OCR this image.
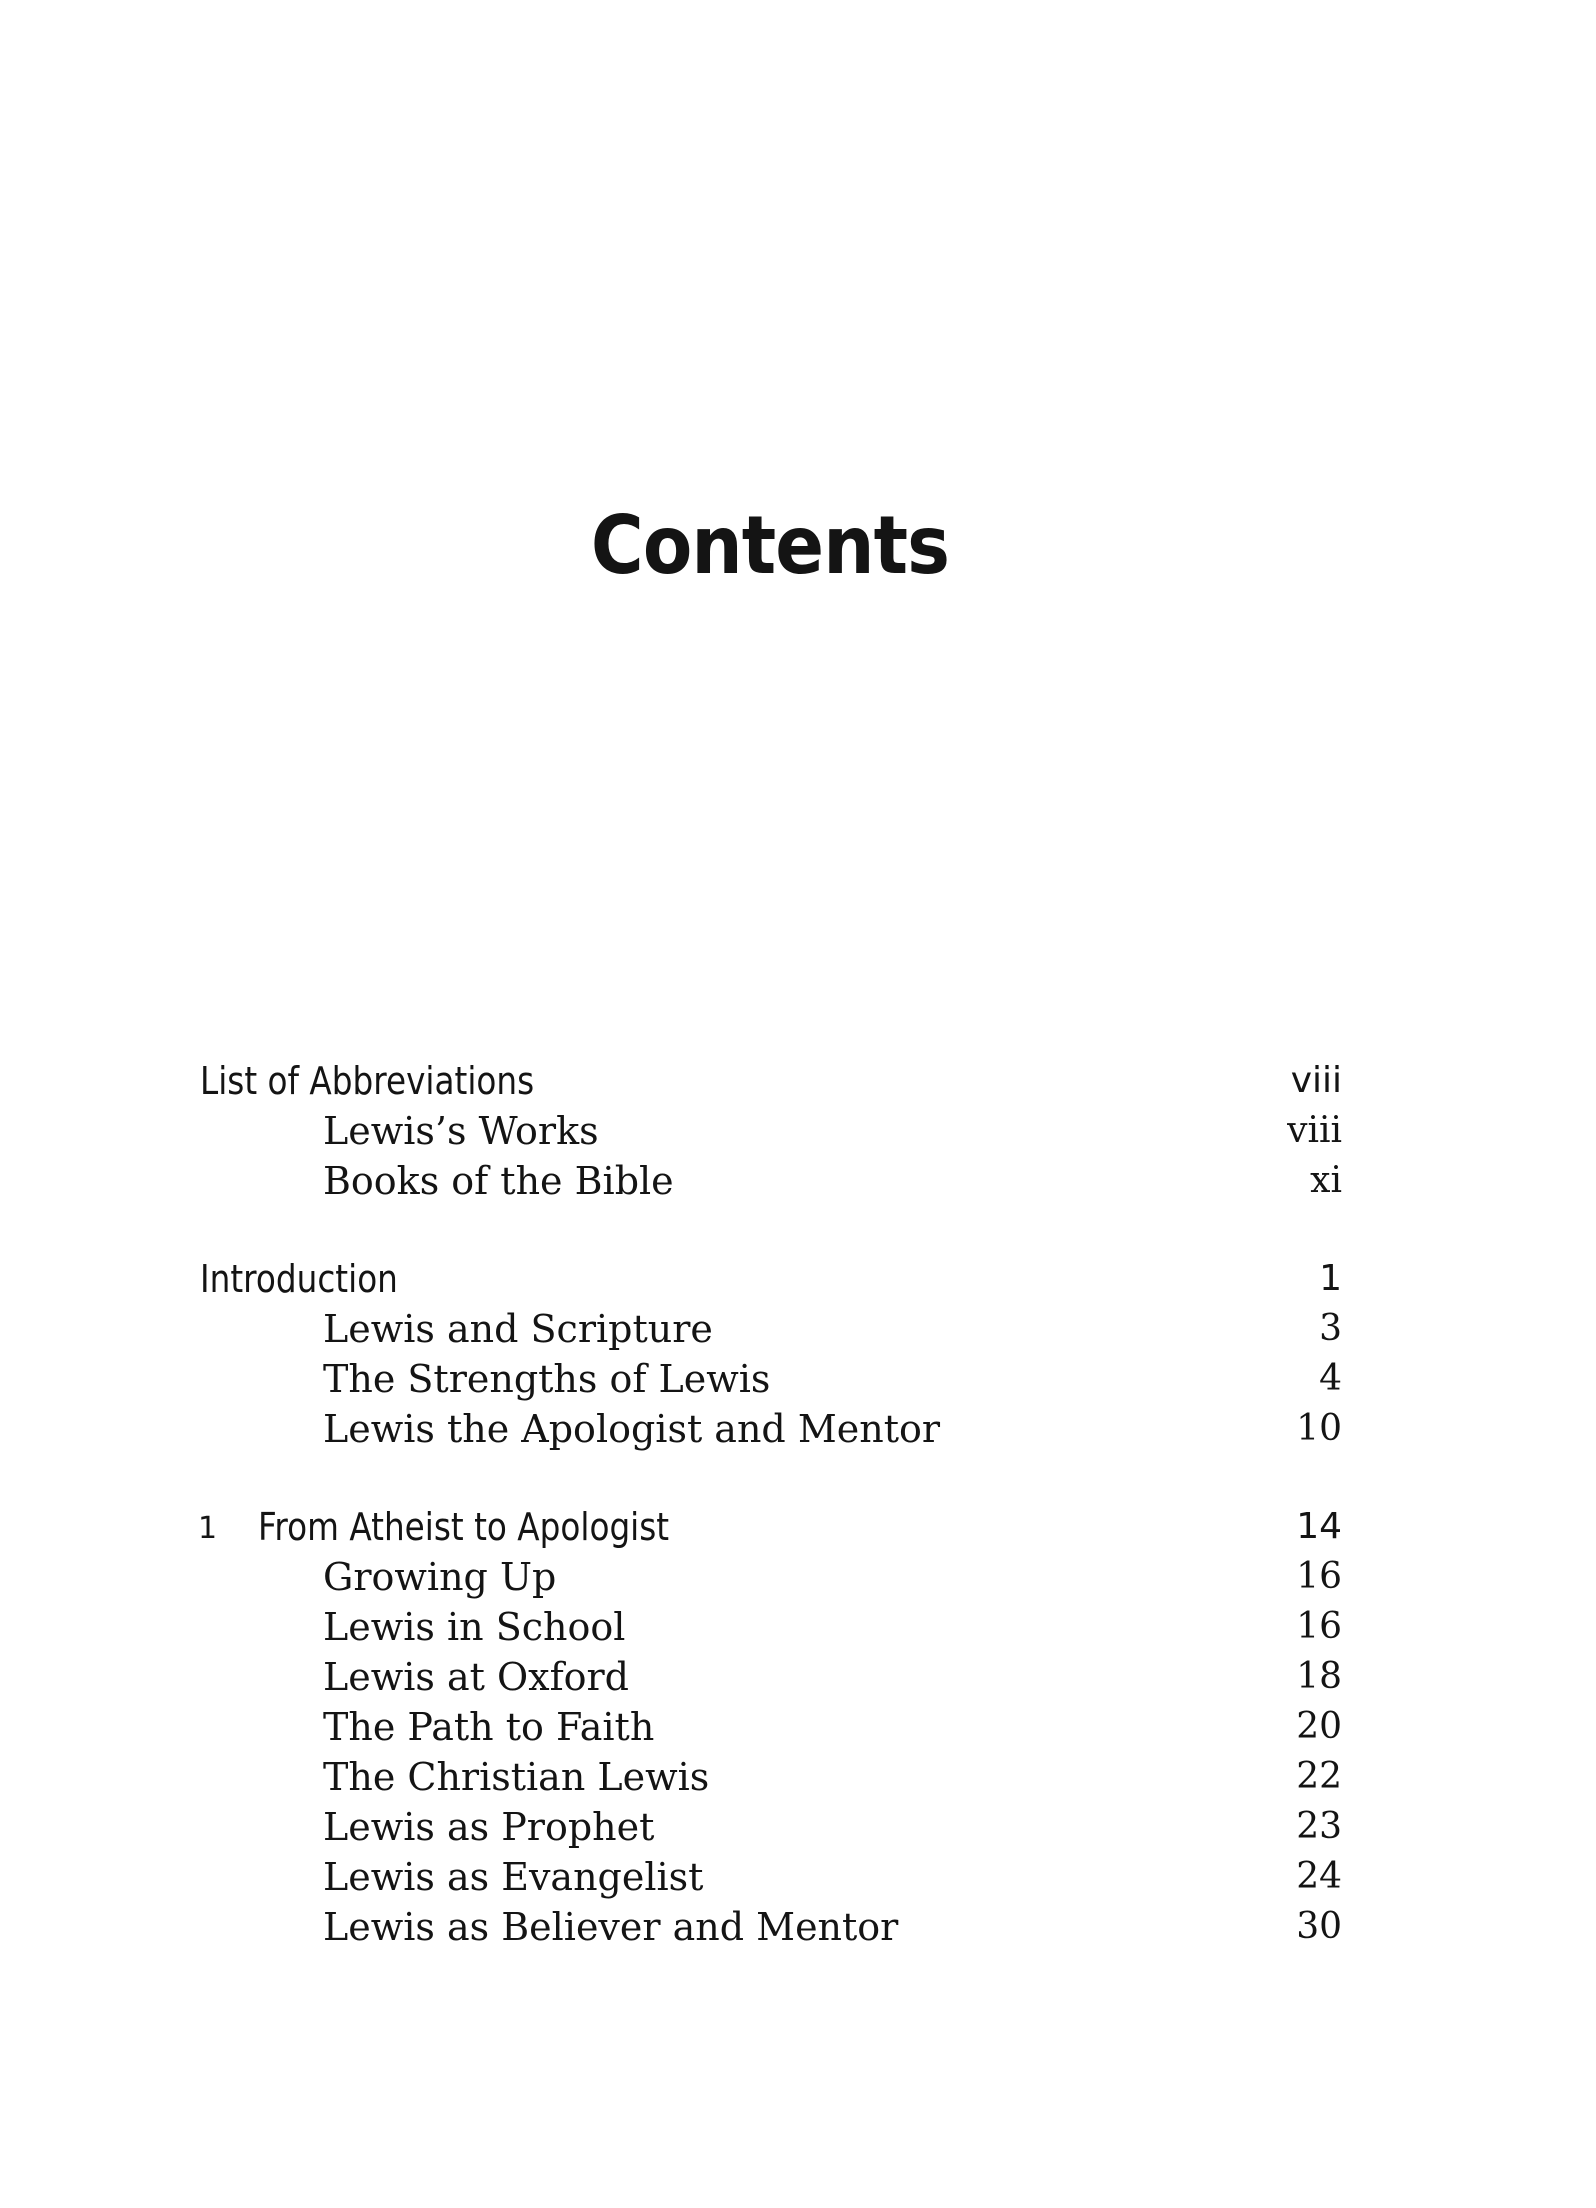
Contents
List of Abbreviations	viii
Lewis’s Works	viii
Books of the Bible	xi
Introduction	1
Lewis and Scripture	3
The Strengths of Lewis	4
Lewis the Apologist and Mentor	10
1 From Atheist to Apologist	14
Growing Up	16
Lewis in School	16
Lewis at Oxford	18
The Path to Faith	20
The Christian Lewis	22
Lewis as Prophet	23
Lewis as Evangelist	24
Lewis as Believer and Mentor	30
